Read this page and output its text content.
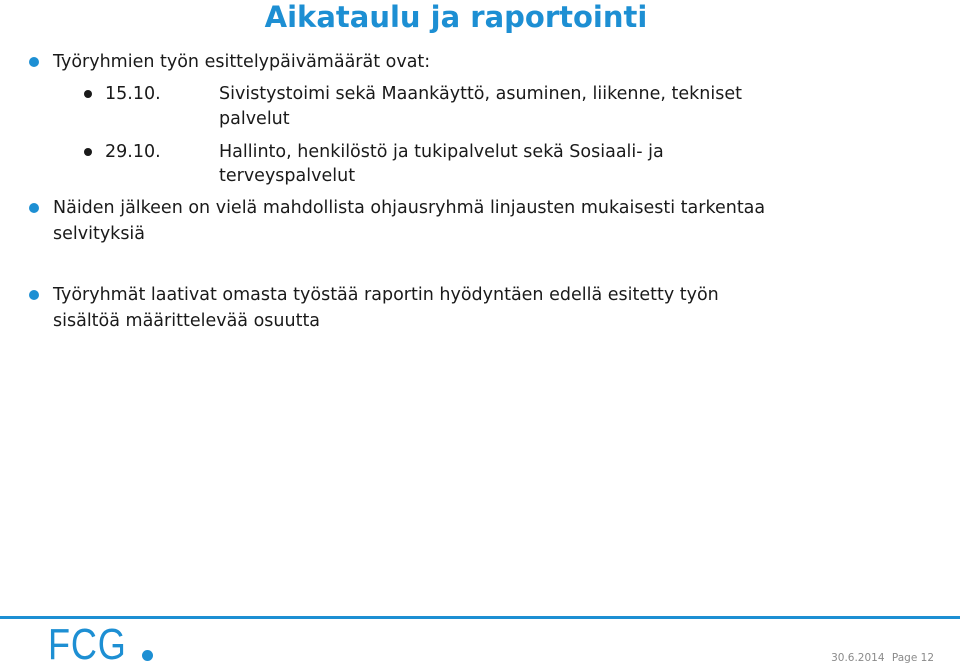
Aikataulu ja raportointi
Työryhmien työn esittelypäivämäärät ovat:
15.10.	Sivistystoimi sekä Maankäyttö, asuminen, liikenne, tekniset
palvelut
29.10.	Hallinto, henkilöstö ja tukipalvelut sekä Sosiaali- ja
terveyspalvelut
Näiden jälkeen on vielä mahdollista ohjausryhmä linjausten mukaisesti tarkentaa
selvityksiä
Työryhmät laativat omasta työstää raportin hyödyntäen edellä esitetty työn
sisältöä määrittelevää osuutta
FCG	30.6.2014 Page 12
